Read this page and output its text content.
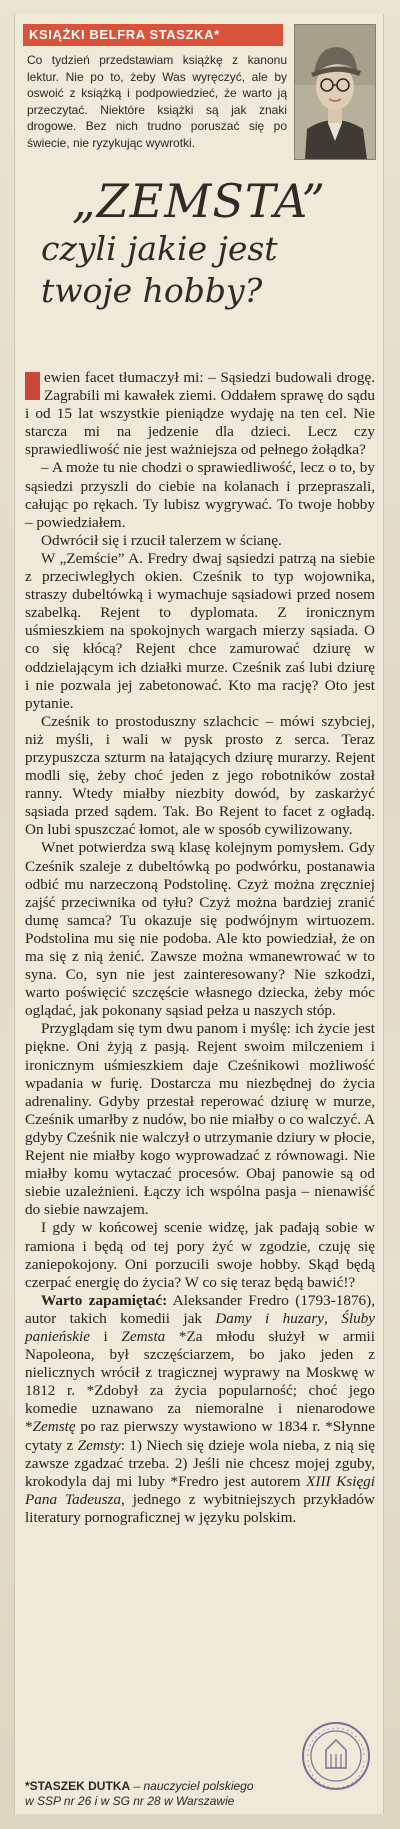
KSIĄŻKI BELFRA STASZKA*
Co tydzień przedstawiam książkę z kanonu lektur. Nie po to, żeby Was wyręczyć, ale by oswoić z książką i podpowiedzieć, że warto ją przeczytać. Niektóre książki są jak znaki drogowe. Bez nich trudno poruszać się po świecie, nie ryzykując wywrotki.
„ZEMSTA”
czyli jakie jest
twoje hobby?

ewien facet tłumaczył mi: – Sąsiedzi budowali drogę. Zagrabili mi kawałek ziemi. Oddałem sprawę do sądu i od 15 lat wszystkie pieniądze wydaję na ten cel. Nie starcza mi na jedzenie dla dzieci. Lecz czy sprawiedliwość nie jest ważniejsza od pełnego żołądka?

– A może tu nie chodzi o sprawiedliwość, lecz o to, by sąsiedzi przyszli do ciebie na kolanach i przepraszali, całując po rękach. Ty lubisz wygrywać. To twoje hobby – powiedziałem.

Odwrócił się i rzucił talerzem w ścianę.

W „Zemście” A. Fredry dwaj sąsiedzi patrzą na siebie z przeciwległych okien. Cześnik to typ wojownika, straszy dubeltówką i wymachuje sąsiadowi przed nosem szabelką. Rejent to dyplomata. Z ironicznym uśmieszkiem na spokojnych wargach mierzy sąsiada. O co się kłócą? Rejent chce zamurować dziurę w oddzielającym ich działki murze. Cześnik zaś lubi dziurę i nie pozwala jej zabetonować. Kto ma rację? Oto jest pytanie.

Cześnik to prostoduszny szlachcic – mówi szybciej, niż myśli, i wali w pysk prosto z serca. Teraz przypuszcza szturm na łatających dziurę murarzy. Rejent modli się, żeby choć jeden z jego robotników został ranny. Wtedy miałby niezbity dowód, by zaskarżyć sąsiada przed sądem. Tak. Bo Rejent to facet z ogładą. On lubi spuszczać łomot, ale w sposób cywilizowany.

Wnet potwierdza swą klasę kolejnym pomysłem. Gdy Cześnik szaleje z dubeltówką po podwórku, postanawia odbić mu narzeczoną Podstolinę. Czyż można zręczniej zajść przeciwnika od tyłu? Czyż można bardziej zranić dumę samca? Tu okazuje się podwójnym wirtuozem. Podstolina mu się nie podoba. Ale kto powiedział, że on ma się z nią żenić. Zawsze można wmanewrować w to syna. Co, syn nie jest zainteresowany? Nie szkodzi, warto poświęcić szczęście własnego dziecka, żeby móc oglądać, jak pokonany sąsiad pełza u naszych stóp.

Przyglądam się tym dwu panom i myślę: ich życie jest piękne. Oni żyją z pasją. Rejent swoim milczeniem i ironicznym uśmieszkiem daje Cześnikowi możliwość wpadania w furię. Dostarcza mu niezbędnej do życia adrenaliny. Gdyby przestał reperować dziurę w murze, Cześnik umarłby z nudów, bo nie miałby o co walczyć. A gdyby Cześnik nie walczył o utrzymanie dziury w płocie, Rejent nie miałby kogo wyprowadzać z równowagi. Nie miałby komu wytaczać procesów. Obaj panowie są od siebie uzależnieni. Łączy ich wspólna pasja – nienawiść do siebie nawzajem.

I gdy w końcowej scenie widzę, jak padają sobie w ramiona i będą od tej pory żyć w zgodzie, czuję się zaniepokojony. Oni porzucili swoje hobby. Skąd będą czerpać energię do życia? W co się teraz będą bawić!?

Warto zapamiętać: Aleksander Fredro (1793-1876), autor takich komedii jak Damy i huzary, Śluby panieńskie i Zemsta *Za młodu służył w armii Napoleona, był szczęściarzem, bo jako jeden z nielicznych wrócił z tragicznej wyprawy na Moskwę w 1812 r. *Zdobył za życia popularność; choć jego komedie uznawano za niemoralne i nienarodowe *Zemstę po raz pierwszy wystawiono w 1834 r. *Słynne cytaty z Zemsty: 1) Niech się dzieje wola nieba, z nią się zawsze zgadzać trzeba. 2) Jeśli nie chcesz mojej zguby, krokodyla daj mi luby *Fredro jest autorem XIII Księgi Pana Tadeusza, jednego z wybitniejszych przykładów literatury pornograficznej w języku polskim.

*STASZEK DUTKA – nauczyciel polskiego
w SSP nr 26 i w SG nr 28 w Warszawie
